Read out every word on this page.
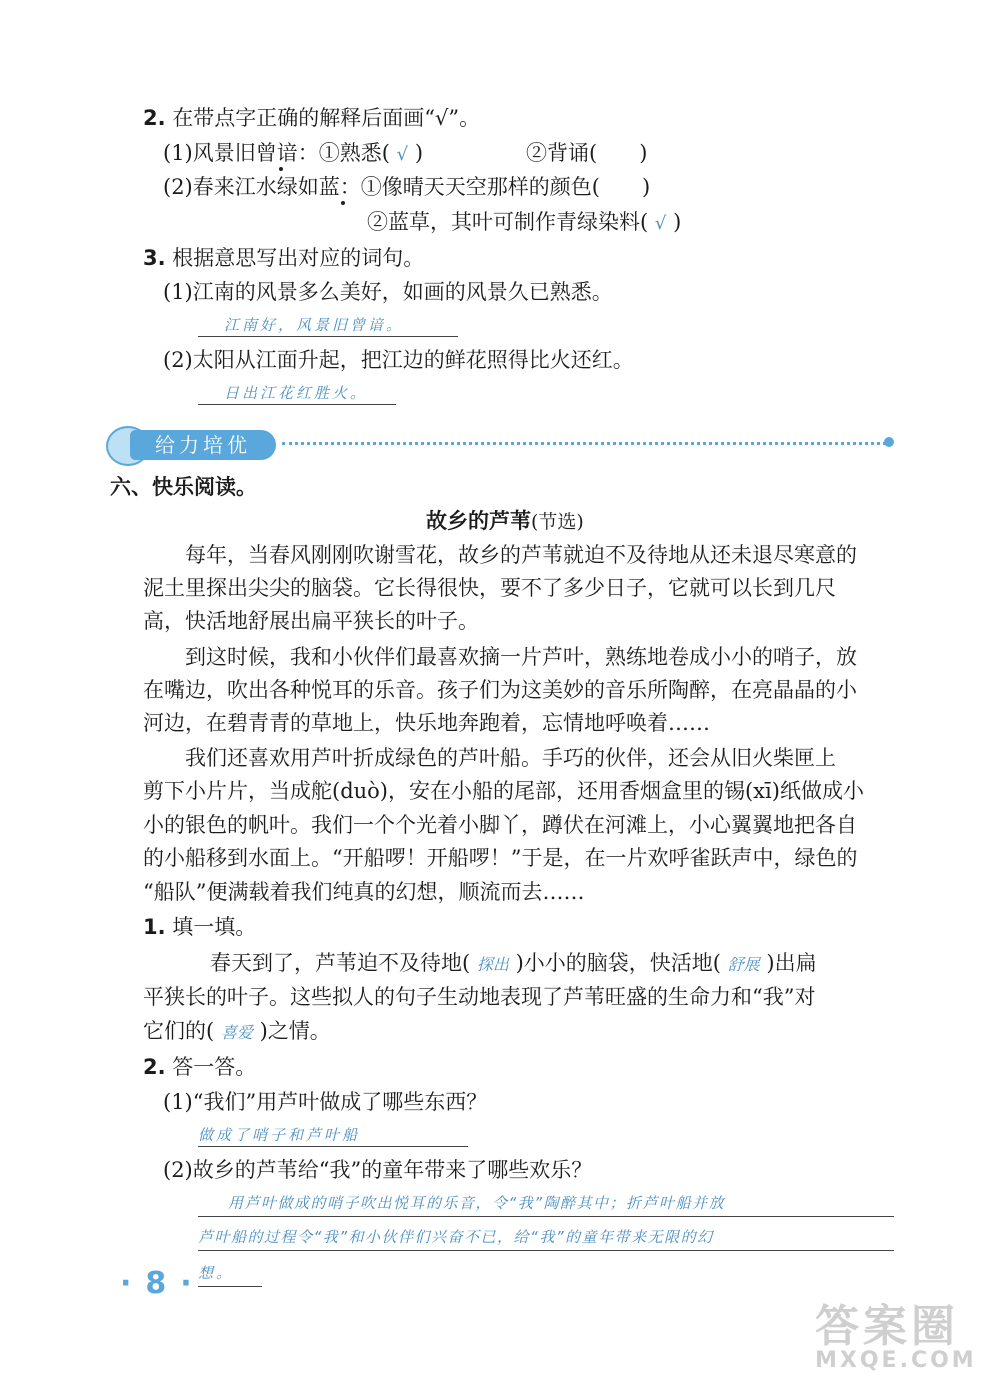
2. 在带点字正确的解释后面画“√”。
(1)风景旧曾谙：①熟悉( √ )	②背诵(　　)
(2)春来江水绿如蓝：①像晴天天空那样的颜色(　　)
②蓝草，其叶可制作青绿染料( √ )
3. 根据意思写出对应的词句。
(1)江南的风景多么美好，如画的风景久已熟悉。
江南好，风景旧曾谙。
(2)太阳从江面升起，把江边的鲜花照得比火还红。
日出江花红胜火。
给力培优
六、快乐阅读。
故乡的芦苇(节选)
每年，当春风刚刚吹谢雪花，故乡的芦苇就迫不及待地从还未退尽寒意的
泥土里探出尖尖的脑袋。它长得很快，要不了多少日子，它就可以长到几尺
高，快活地舒展出扁平狭长的叶子。
到这时候，我和小伙伴们最喜欢摘一片芦叶，熟练地卷成小小的哨子，放
在嘴边，吹出各种悦耳的乐音。孩子们为这美妙的音乐所陶醉，在亮晶晶的小
河边，在碧青青的草地上，快乐地奔跑着，忘情地呼唤着……
我们还喜欢用芦叶折成绿色的芦叶船。手巧的伙伴，还会从旧火柴匣上
剪下小片片，当成舵(duò)，安在小船的尾部，还用香烟盒里的锡(xī)纸做成小
小的银色的帆叶。我们一个个光着小脚丫，蹲伏在河滩上，小心翼翼地把各自
的小船移到水面上。“开船啰！开船啰！”于是，在一片欢呼雀跃声中，绿色的
“船队”便满载着我们纯真的幻想，顺流而去……
1. 填一填。
春天到了，芦苇迫不及待地( 探出 )小小的脑袋，快活地( 舒展 )出扁
平狭长的叶子。这些拟人的句子生动地表现了芦苇旺盛的生命力和“我”对
它们的( 喜爱 )之情。
2. 答一答。
(1)“我们”用芦叶做成了哪些东西？
做成了哨子和芦叶船
(2)故乡的芦苇给“我”的童年带来了哪些欢乐？
用芦叶做成的哨子吹出悦耳的乐音，令“我”陶醉其中；折芦叶船并放
芦叶船的过程令“我”和小伙伴们兴奋不已，给“我”的童年带来无限的幻
想。
·8·
答案圈
MXQE.COM
